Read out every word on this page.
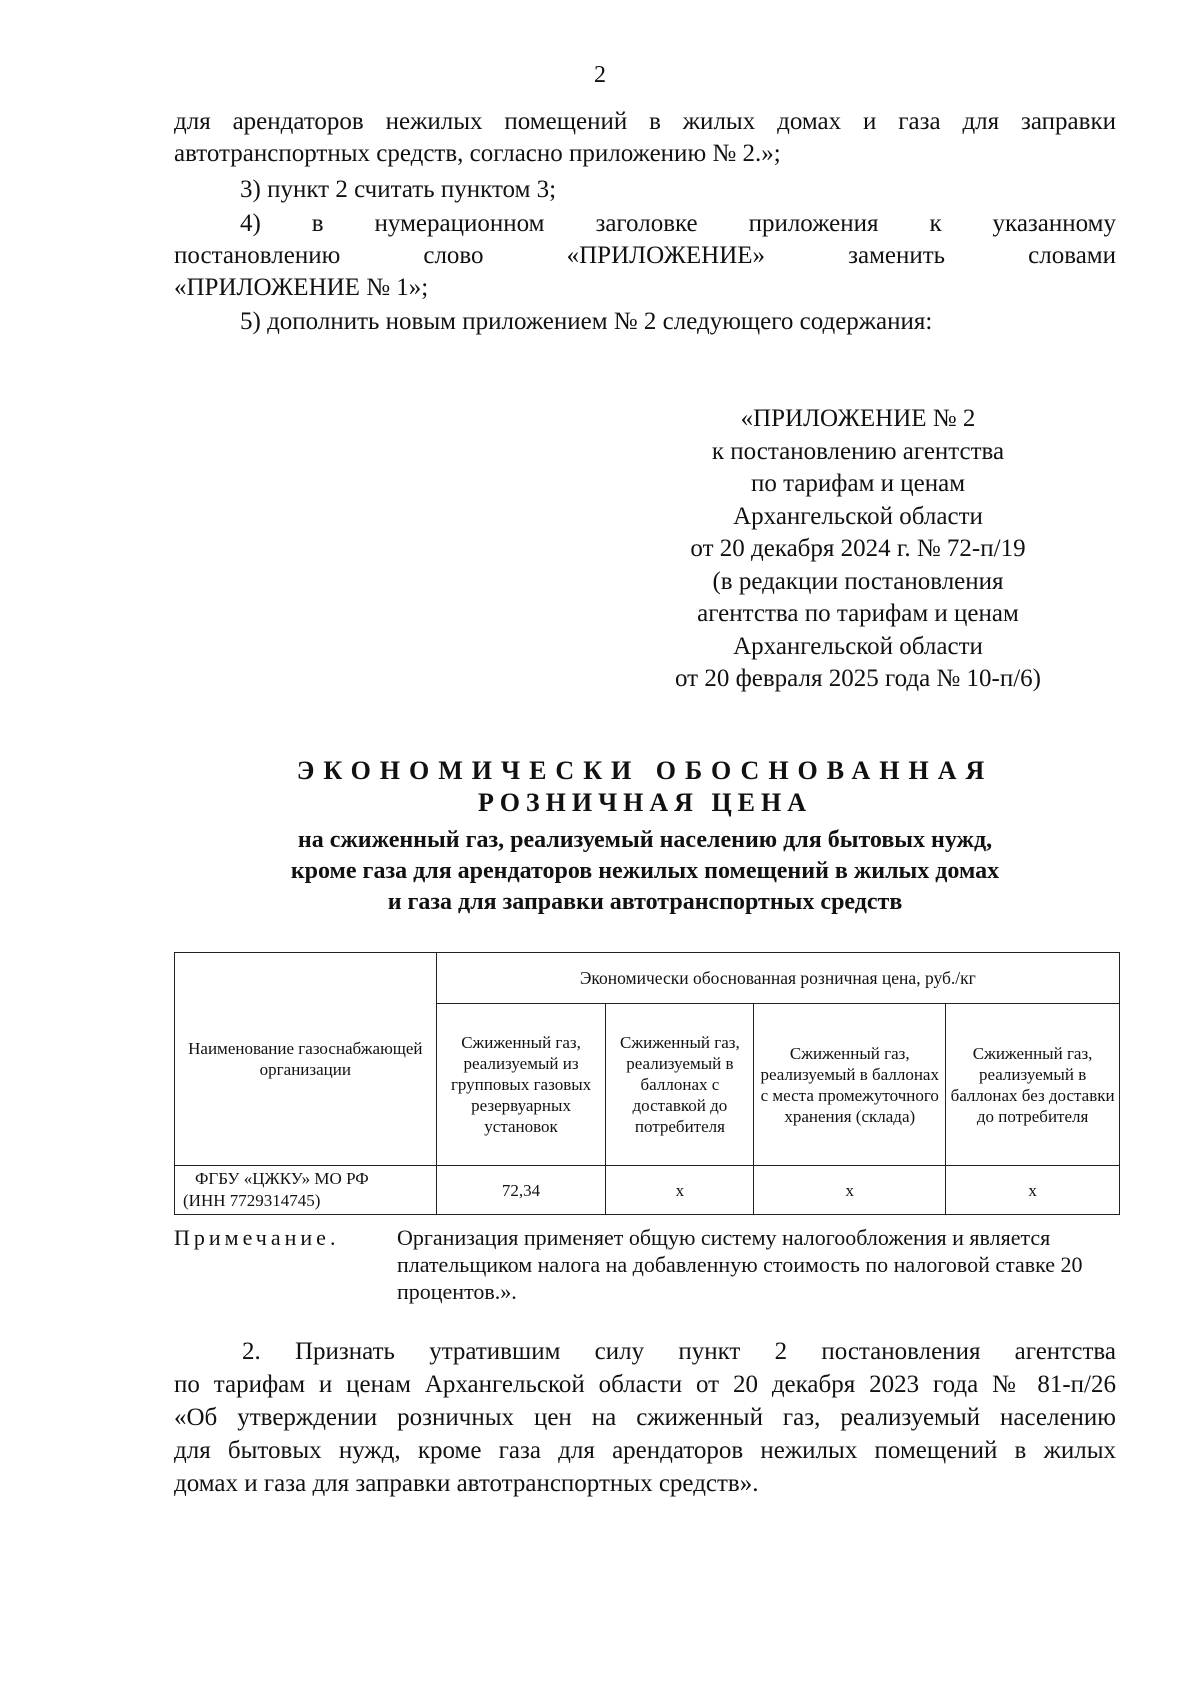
2

для арендаторов нежилых помещений в жилых домах и газа для заправки

автотранспортных средств, согласно приложению № 2.»;

3) пункт 2 считать пунктом 3;

4) в нумерационном заголовке приложения к указанному

постановлению слово «ПРИЛОЖЕНИЕ» заменить словами

«ПРИЛОЖЕНИЕ № 1»;

5) дополнить новым приложением № 2 следующего содержания:

«ПРИЛОЖЕНИЕ № 2
к постановлению агентства
по тарифам и ценам
Архангельской области
от 20 декабря 2024 г. № 72-п/19
(в редакции постановления
агентства по тарифам и ценам
Архангельской области
от 20 февраля 2025 года № 10-п/6)
ЭКОНОМИЧЕСКИ ОБОСНОВАННАЯ
РОЗНИЧНАЯ ЦЕНА
на сжиженный газ, реализуемый населению для бытовых нужд,
кроме газа для арендаторов нежилых помещений в жилых домах
и газа для заправки автотранспортных средств
Наименование газоснабжающей организации	Экономически обоснованная розничная цена, руб./кг			
	Сжиженный газ, реализуемый из групповых газовых резервуарных установок	Сжиженный газ, реализуемый в баллонах с доставкой до потребителя	Сжиженный газ, реализуемый в баллонах с места промежуточного хранения (склада)	Сжиженный газ, реализуемый в баллонах без доставки до потребителя

ФГБУ «ЦЖКУ» МО РФ
(ИНН 7729314745)	72,34	х	х	х
Примечание.	Организация применяет общую систему налогообложения и является плательщиком налога на добавленную стоимость по налоговой ставке 20 процентов.».
2. Признать утратившим силу пункт 2 постановления агентства
по тарифам и ценам Архангельской области от 20 декабря 2023 года № 81-п/26
«Об утверждении розничных цен на сжиженный газ, реализуемый населению
для бытовых нужд, кроме газа для арендаторов нежилых помещений в жилых
домах и газа для заправки автотранспортных средств».
